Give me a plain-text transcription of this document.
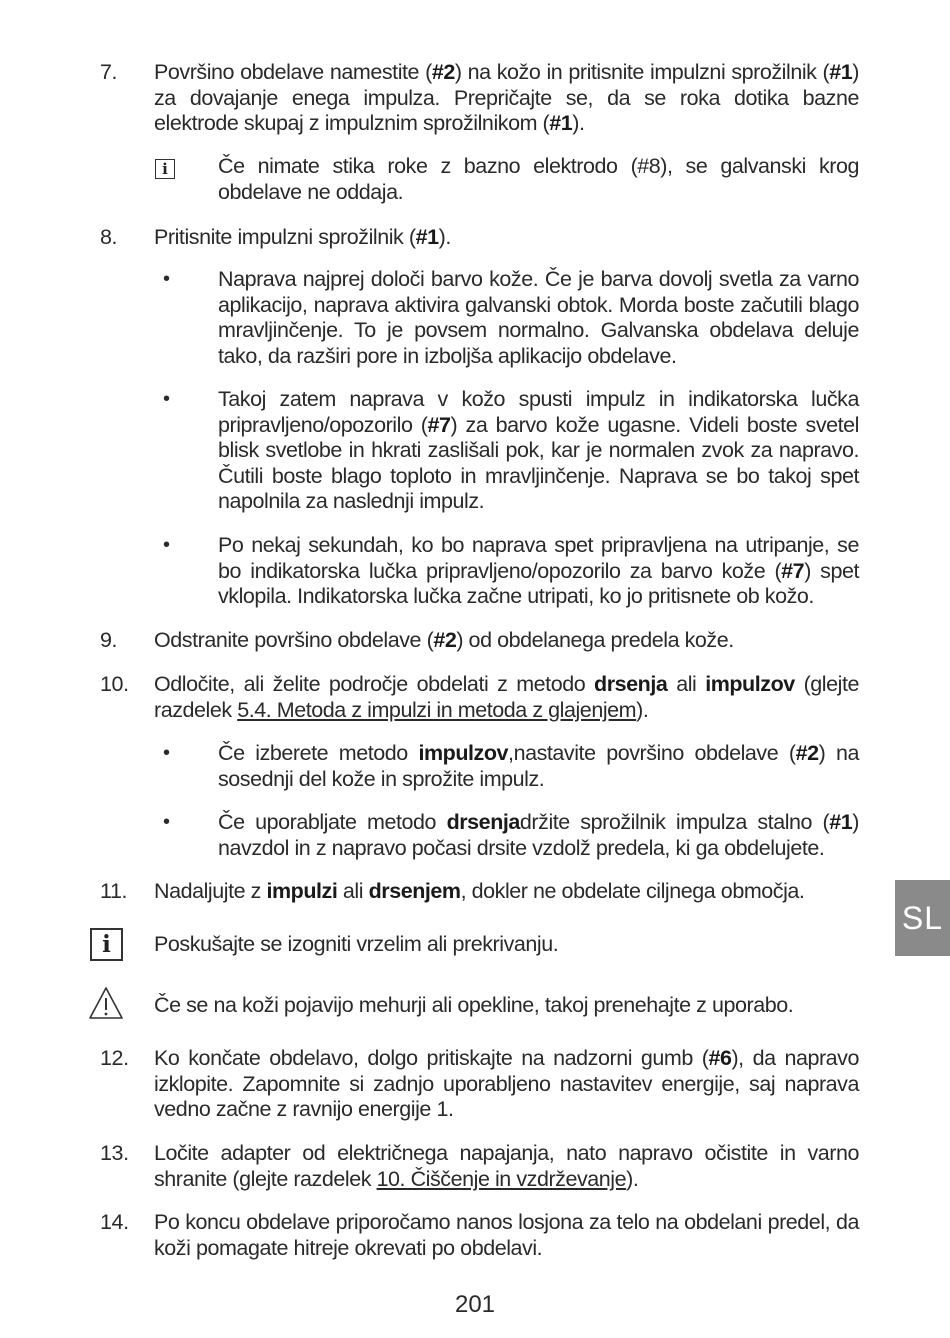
7. Površino obdelave namestite (#2) na kožo in pritisnite impulzni sprožilnik (#1) za dovajanje enega impulza. Prepričajte se, da se roka dotika bazne elektrode skupaj z impulznim sprožilnikom (#1).
i	Če nimate stika roke z bazno elektrodo (#8), se galvanski krog obdelave ne oddaja.
8. Pritisnite impulzni sprožilnik (#1).
• Naprava najprej določi barvo kože. Če je barva dovolj svetla za varno aplikacijo, naprava aktivira galvanski obtok. Morda boste začutili blago mravljinčenje. To je povsem normalno. Galvanska obdelava deluje tako, da razširi pore in izboljša aplikacijo obdelave.
• Takoj zatem naprava v kožo spusti impulz in indikatorska lučka pripravljeno/opozorilo (#7) za barvo kože ugasne. Videli boste svetel blisk svetlobe in hkrati zaslišali pok, kar je normalen zvok za napravo. Čutili boste blago toploto in mravljinčenje. Naprava se bo takoj spet napolnila za naslednji impulz.
• Po nekaj sekundah, ko bo naprava spet pripravljena na utripanje, se bo indikatorska lučka pripravljeno/opozorilo za barvo kože (#7) spet vklopila. Indikatorska lučka začne utripati, ko jo pritisnete ob kožo.
9. Odstranite površino obdelave (#2) od obdelanega predela kože.
10. Odločite, ali želite področje obdelati z metodo drsenja ali impulzov (glejte razdelek 5.4. Metoda z impulzi in metoda z glajenjem).
• Če izberete metodo impulzov,nastavite površino obdelave (#2) na sosednji del kože in sprožite impulz.
• Če uporabljate metodo drsenjadržite sprožilnik impulza stalno (#1) navzdol in z napravo počasi drsite vzdolž predela, ki ga obdelujete.
11. Nadaljujte z impulzi ali drsenjem, dokler ne obdelate ciljnega območja.
i	Poskušajte se izogniti vrzelim ali prekrivanju.
Če se na koži pojavijo mehurji ali opekline, takoj prenehajte z uporabo.
12. Ko končate obdelavo, dolgo pritiskajte na nadzorni gumb (#6), da napravo izklopite. Zapomnite si zadnjo uporabljeno nastavitev energije, saj naprava vedno začne z ravnijo energije 1.
13. Ločite adapter od električnega napajanja, nato napravo očistite in varno shranite (glejte razdelek 10. Čiščenje in vzdrževanje).
14. Po koncu obdelave priporočamo nanos losjona za telo na obdelani predel, da koži pomagate hitreje okrevati po obdelavi.
SL
201
